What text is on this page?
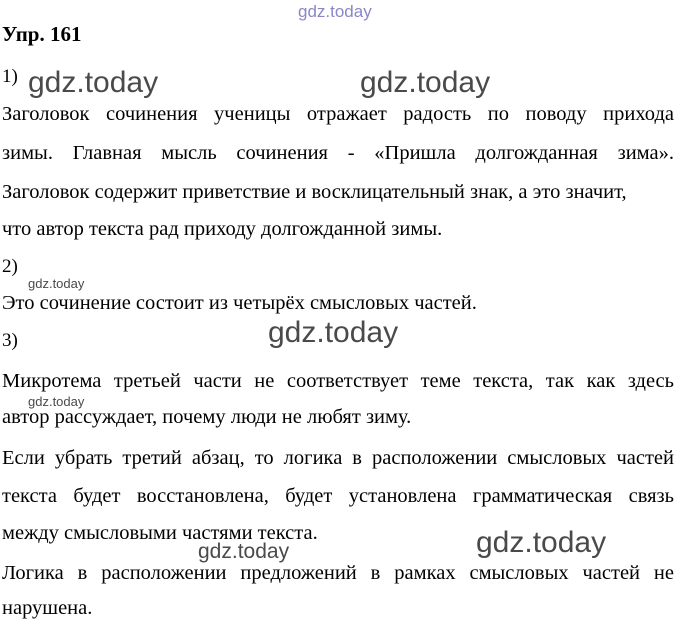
gdz.today
Упр. 161
1) gdz.today	gdz.today
Заголовок сочинения ученицы отражает радость по поводу прихода
зимы. Главная мысль сочинения - «Пришла долгожданная зима».
Заголовок содержит приветствие и восклицательный знак, а это значит,
что автор текста рад приходу долгожданной зимы.
2)
gdz.today
Это сочинение состоит из четырёх смысловых частей.
gdz.today
3)
Микротема третьей части не соответствует теме текста, так как здесь
gdz.today
автор рассуждает, почему люди не любят зиму.
Если убрать третий абзац, то логика в расположении смысловых частей
текста будет восстановлена, будет установлена грамматическая связь
между смысловыми частями текста.	gdz.today
gdz.today
Логика в расположении предложений в рамках смысловых частей не
нарушена.
